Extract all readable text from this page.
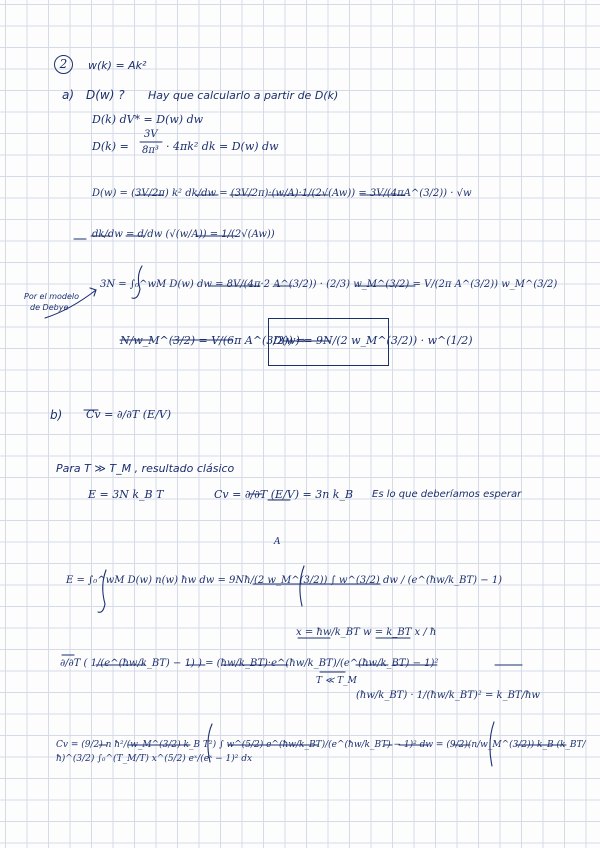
2	w(k) = Ak²
a) D(w) ? Hay que calcularlo a partir de D(k)
D(k) dV* = D(w) dw
D(k) =
3V
8π³ · 4πk² dk = D(w) dw
D(w) = (3V/2π) k² dk/dw = (3V/2π)·(w/A)·1/(2√(Aw)) = 3V/(4πA^(3/2)) · √w
dk/dw = d/dw (√(w/A)) = 1/(2√(Aw))
Por el modelo
de Debye
3N = ∫₀^wM D(w) dw = 8V/(4π·2 A^(3/2)) · (2/3) w_M^(3/2) = V/(2π A^(3/2)) w_M^(3/2)
N/w_M^(3/2) = V/(6π A^(3/2)) ⇒
D(w) = 9N/(2 w_M^(3/2)) · w^(1/2)
b) Cv = ∂/∂T (E/V)
Para T ≫ T_M , resultado clásico
E = 3N k_B T	Cv = ∂/∂T (E/V) = 3n k_B Es lo que deberíamos esperar
A
E = ∫₀^wM D(w) n(w) ħw dw = 9Nħ/(2 w_M^(3/2)) ∫ w^(3/2) dw / (e^(ħw/k_BT) − 1)
x = ħw/k_BT w = k_BT x / ħ
∂/∂T ( 1/(e^(ħw/k_BT) − 1) ) = (ħw/k_BT)·e^(ħw/k_BT)/(e^(ħw/k_BT) − 1)²
T ≪ T_M
(ħw/k_BT) · 1/(ħw/k_BT)² = k_BT/ħw
Cv = (9/2) n ħ²/(w_M^(3/2) k_B T²) ∫ w^(5/2) e^(ħw/k_BT)/(e^(ħw/k_BT) − 1)² dw = (9/2)(n/w_M^(3/2)) k_B (k_BT/ħ)^(3/2) ∫₀^(T_M/T) x^(5/2) eˣ/(eˣ − 1)² dx
